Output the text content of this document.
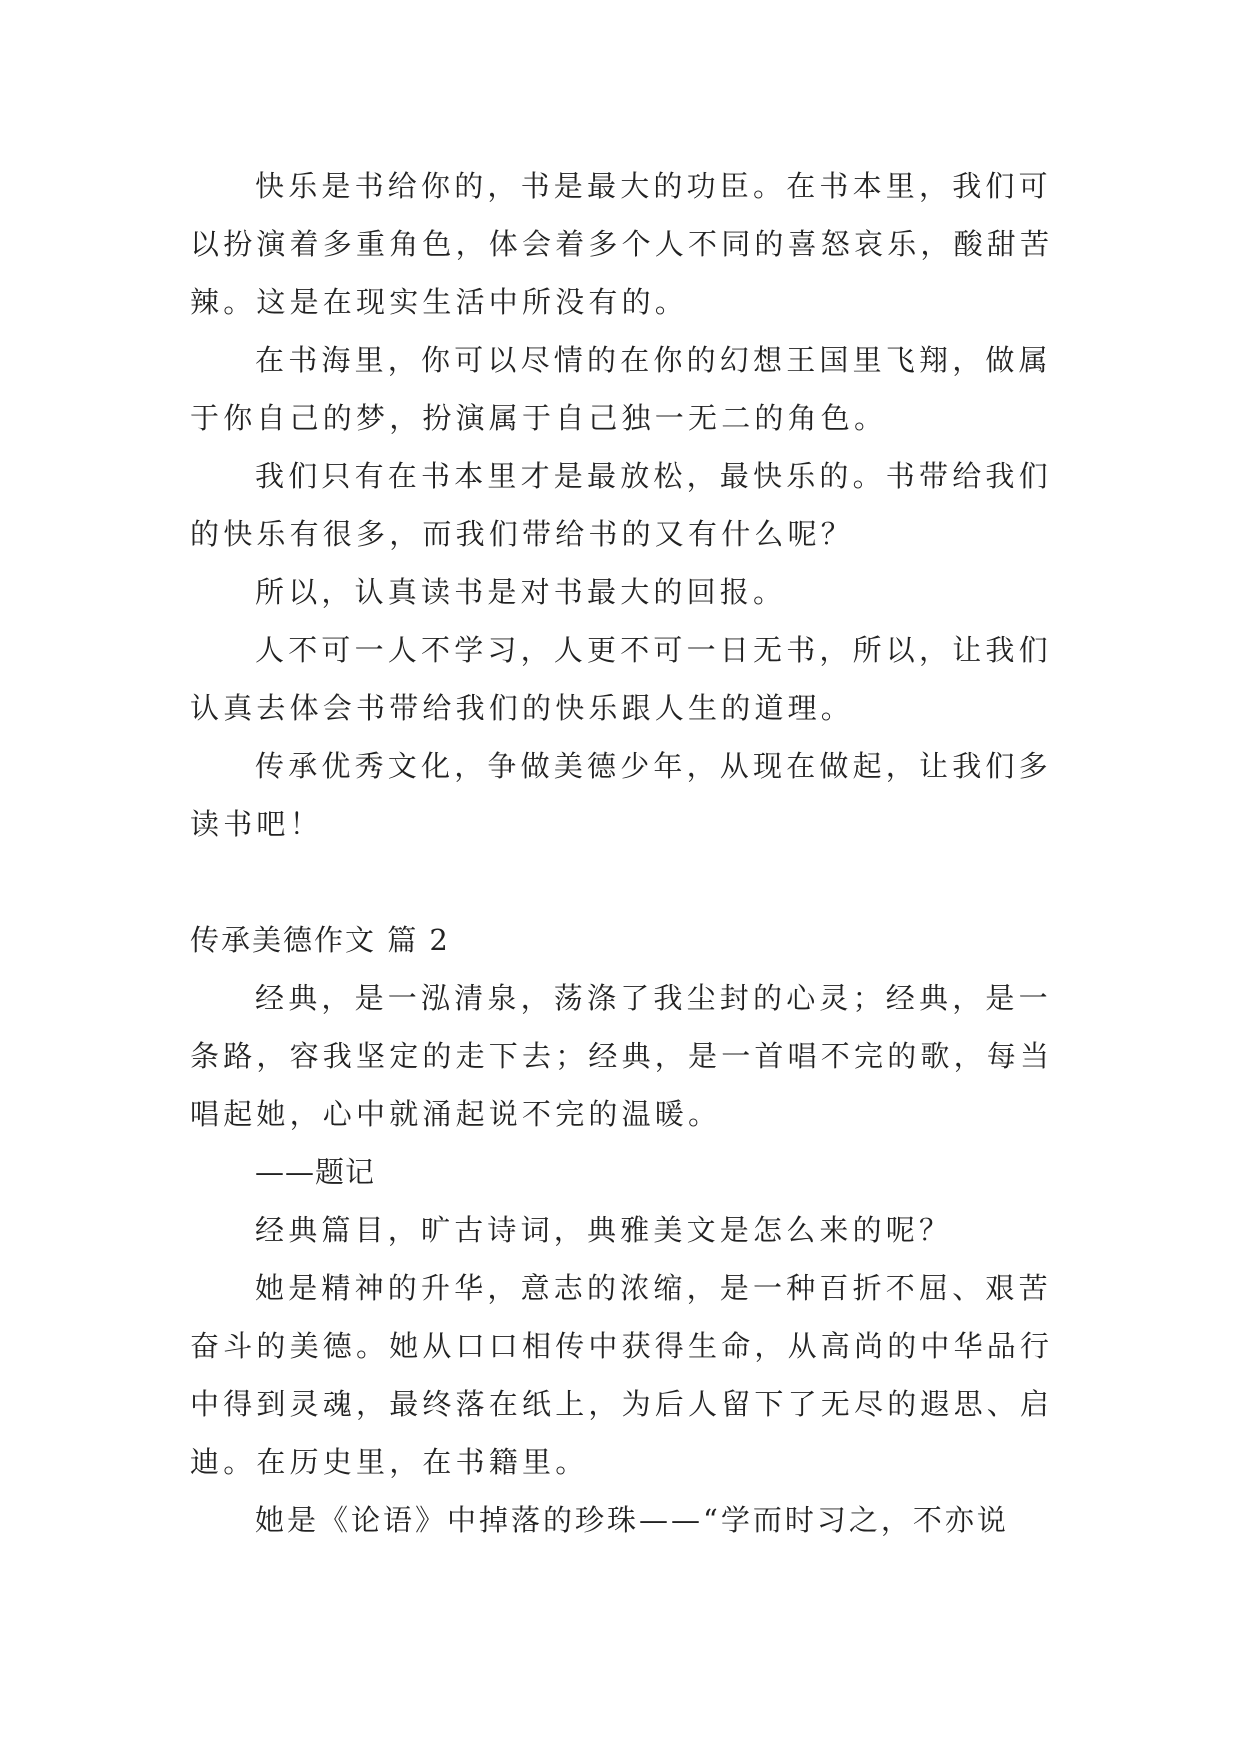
快乐是书给你的，书是最大的功臣。在书本里，我们可
以扮演着多重角色，体会着多个人不同的喜怒哀乐，酸甜苦
辣。这是在现实生活中所没有的。
在书海里，你可以尽情的在你的幻想王国里飞翔，做属
于你自己的梦，扮演属于自己独一无二的角色。
我们只有在书本里才是最放松，最快乐的。书带给我们
的快乐有很多，而我们带给书的又有什么呢？
所以，认真读书是对书最大的回报。
人不可一人不学习，人更不可一日无书，所以，让我们
认真去体会书带给我们的快乐跟人生的道理。
传承优秀文化，争做美德少年，从现在做起，让我们多
读书吧！
传承美德作文 篇 2
经典，是一泓清泉，荡涤了我尘封的心灵；经典，是一
条路，容我坚定的走下去；经典，是一首唱不完的歌，每当
唱起她，心中就涌起说不完的温暖。
——题记
经典篇目，旷古诗词，典雅美文是怎么来的呢？
她是精神的升华，意志的浓缩，是一种百折不屈、艰苦
奋斗的美德。她从口口相传中获得生命，从高尚的中华品行
中得到灵魂，最终落在纸上，为后人留下了无尽的遐思、启
迪。在历史里，在书籍里。
她是《论语》中掉落的珍珠——“学而时习之，不亦说
